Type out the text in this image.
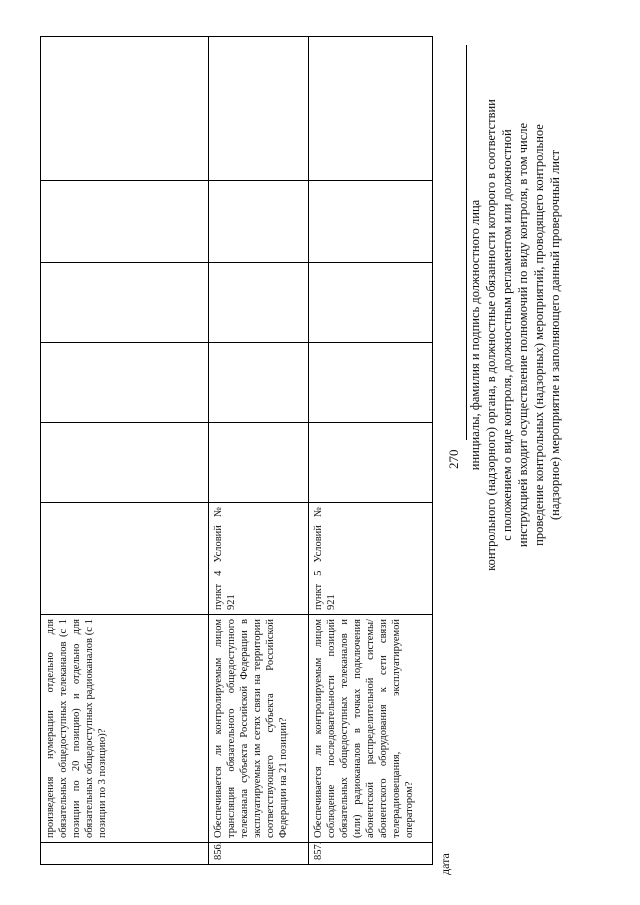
270
	произведения нумерации отдельно для обязательных общедоступных телеканалов (с 1 позиции по 20 позицию) и отдельно для обязательных общедоступных радиоканалов (с 1 позиции по 3 позицию)?						
856.	Обеспечивается ли контролируемым лицом трансляция обязательного общедоступного телеканала субъекта Российской Федерации в эксплуатируемых им сетях связи на территории соответствующего субъекта Российской Федерации на 21 позиции?	пункт 4 Условий № 921					
857.	Обеспечивается ли контролируемым лицом соблюдение последовательности позиций обязательных общедоступных телеканалов и (или) радиоканалов в точках подключения абонентской распределительной системы/абонентского оборудования к сети связи телерадиовещания, эксплуатируемой оператором?	пункт 5 Условий № 921					
дата
инициалы, фамилия и подпись должностного лица контрольного (надзорного) органа, в должностные обязанности которого в соответствии с положением о виде контроля, должностным регламентом или должностной инструкцией входит осуществление полномочий по виду контроля, в том числе проведение контрольных (надзорных) мероприятий, проводящего контрольное (надзорное) мероприятие и заполняющего данный проверочный лист
